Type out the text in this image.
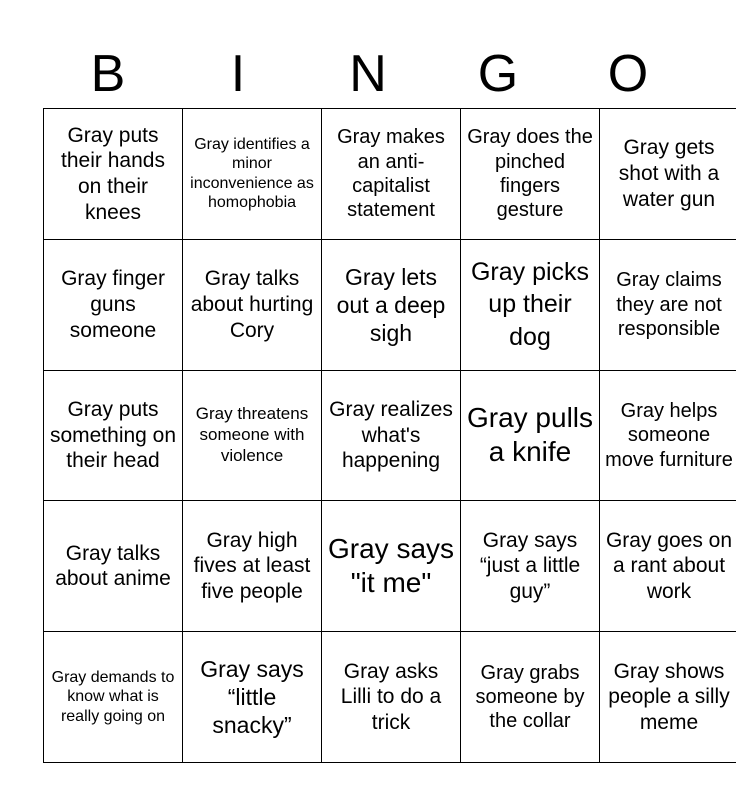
B	I	N	G	O
Gray puts their hands on their knees	Gray identifies a minor inconvenience as homophobia	Gray makes an anti-capitalist statement	Gray does the pinched fingers gesture	Gray gets shot with a water gun

Gray finger guns someone	Gray talks about hurting Cory	Gray lets out a deep sigh	Gray picks up their dog	Gray claims they are not responsible

Gray puts something on their head	Gray threatens someone with violence	Gray realizes what's happening	Gray pulls a knife	Gray helps someone move furniture

Gray talks about anime	Gray high fives at least five people	Gray says "it me"	Gray says “just a little guy”	Gray goes on a rant about work

Gray demands to know what is really going on	Gray says “little snacky”	Gray asks Lilli to do a trick	Gray grabs someone by the collar	Gray shows people a silly meme
